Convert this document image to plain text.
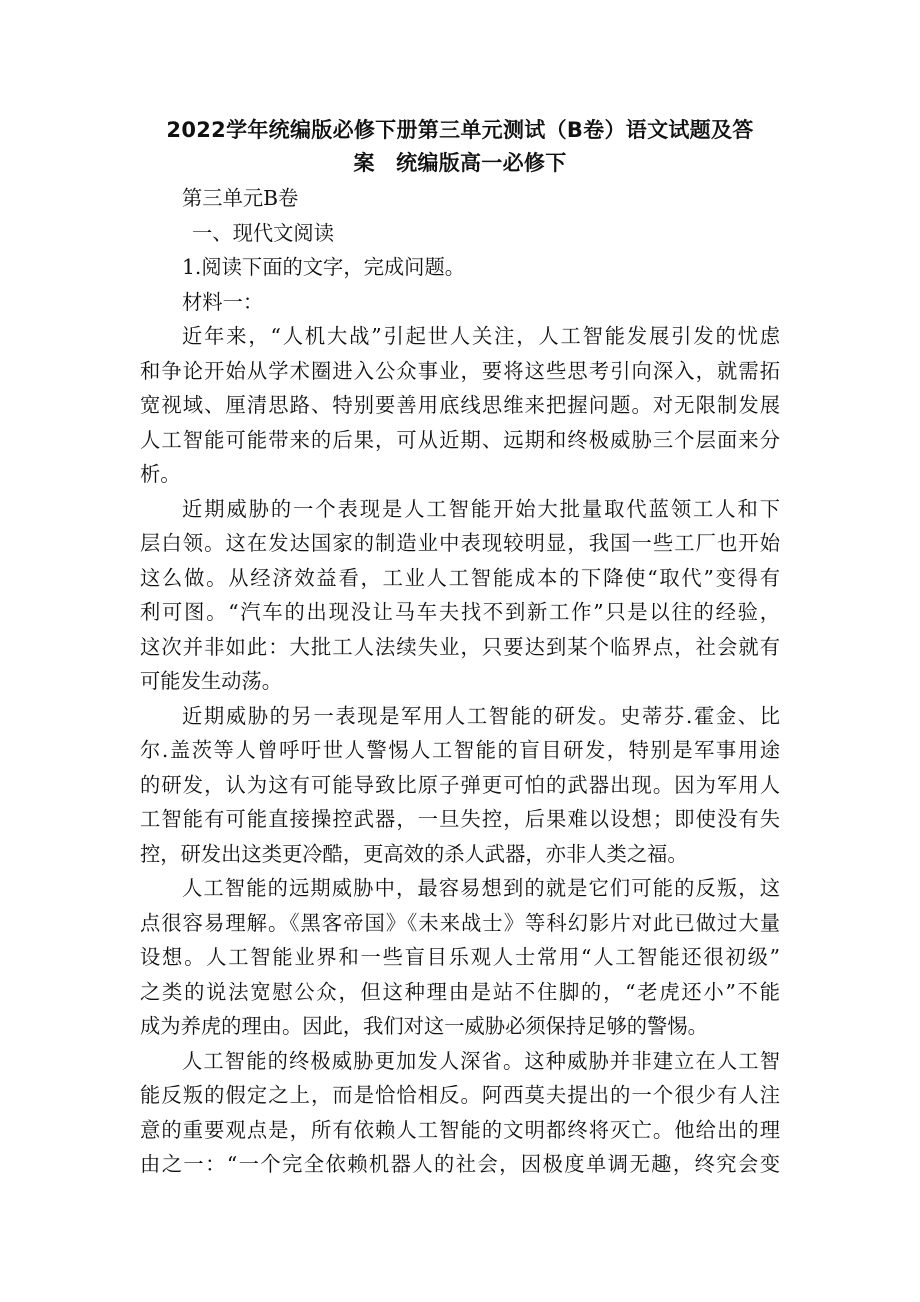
2022学年统编版必修下册第三单元测试（B卷）语文试题及答
案　统编版高一必修下
第三单元B卷
一、现代文阅读
1.阅读下面的文字，完成问题。
材料一：
近年来，“人机大战”引起世人关注，人工智能发展引发的忧虑
和争论开始从学术圈进入公众事业，要将这些思考引向深入，就需拓
宽视域、厘清思路、特别要善用底线思维来把握问题。对无限制发展
人工智能可能带来的后果，可从近期、远期和终极威胁三个层面来分
析。
近期威胁的一个表现是人工智能开始大批量取代蓝领工人和下
层白领。这在发达国家的制造业中表现较明显，我国一些工厂也开始
这么做。从经济效益看，工业人工智能成本的下降使“取代”变得有
利可图。“汽车的出现没让马车夫找不到新工作”只是以往的经验，
这次并非如此：大批工人法续失业，只要达到某个临界点，社会就有
可能发生动荡。
近期威胁的另一表现是军用人工智能的研发。史蒂芬.霍金、比
尔.盖茨等人曾呼吁世人警惕人工智能的盲目研发，特别是军事用途
的研发，认为这有可能导致比原子弹更可怕的武器出现。因为军用人
工智能有可能直接操控武器，一旦失控，后果难以设想；即使没有失
控，研发出这类更冷酷，更高效的杀人武器，亦非人类之福。
人工智能的远期威胁中，最容易想到的就是它们可能的反叛，这
点很容易理解。《黑客帝国》《未来战士》等科幻影片对此已做过大量
设想。人工智能业界和一些盲目乐观人士常用“人工智能还很初级”
之类的说法宽慰公众，但这种理由是站不住脚的，“老虎还小”不能
成为养虎的理由。因此，我们对这一威胁必须保持足够的警惕。
人工智能的终极威胁更加发人深省。这种威胁并非建立在人工智
能反叛的假定之上，而是恰恰相反。阿西莫夫提出的一个很少有人注
意的重要观点是，所有依赖人工智能的文明都终将灭亡。他给出的理
由之一：“一个完全依赖机器人的社会，因极度单调无趣，终究会变
